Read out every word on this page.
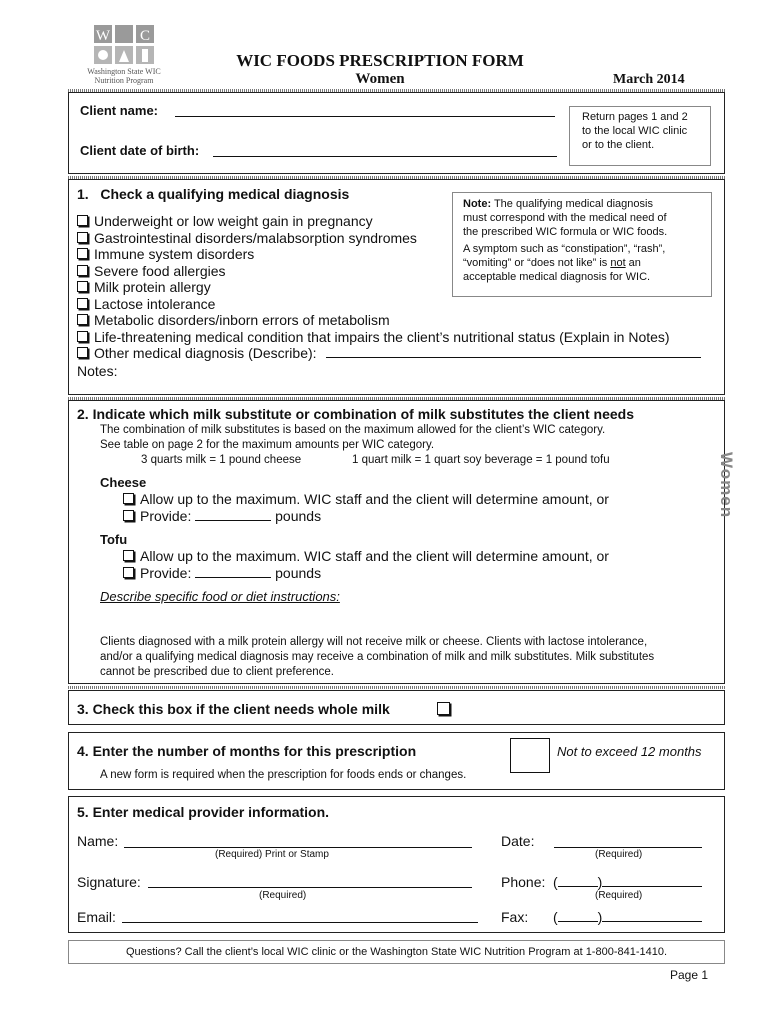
W C
Washington State WIC
Nutrition Program
WIC FOODS PRESCRIPTION FORM
Women	March 2014
Client name:
Client date of birth:
Return pages 1 and 2
to the local WIC clinic
or to the client.
1.   Check a qualifying medical diagnosis
Underweight or low weight gain in pregnancy
Gastrointestinal disorders/malabsorption syndromes
Immune system disorders
Severe food allergies
Milk protein allergy
Lactose intolerance
Metabolic disorders/inborn errors of metabolism
Life-threatening medical condition that impairs the client’s nutritional status (Explain in Notes)
Other medical diagnosis (Describe):
Notes:
Note: The qualifying medical diagnosis
must correspond with the medical need of
the prescribed WIC formula or WIC foods.
A symptom such as “constipation”, “rash”,
“vomiting” or “does not like” is not an
acceptable medical diagnosis for WIC.
2. Indicate which milk substitute or combination of milk substitutes the client needs
The combination of milk substitutes is based on the maximum allowed for the client’s WIC category.
See table on page 2 for the maximum amounts per WIC category.
3 quarts milk = 1 pound cheese	1 quart milk = 1 quart soy beverage = 1 pound tofu
Cheese
Allow up to the maximum. WIC staff and the client will determine amount, or
Provide:	pounds
Tofu
Allow up to the maximum. WIC staff and the client will determine amount, or
Provide:	pounds
Describe specific food or diet instructions:
Clients diagnosed with a milk protein allergy will not receive milk or cheese. Clients with lactose intolerance,
and/or a qualifying medical diagnosis may receive a combination of milk and milk substitutes. Milk substitutes
cannot be prescribed due to client preference.
Women
3. Check this box if the client needs whole milk
4. Enter the number of months for this prescription	Not to exceed 12 months
A new form is required when the prescription for foods ends or changes.
5. Enter medical provider information.
Name:
(Required) Print or Stamp
Date:
(Required)
Signature:
(Required)
Phone: (	)
(Required)
Email:	Fax: (	)
Questions? Call the client’s local WIC clinic or the Washington State WIC Nutrition Program at 1-800-841-1410.
Page 1
